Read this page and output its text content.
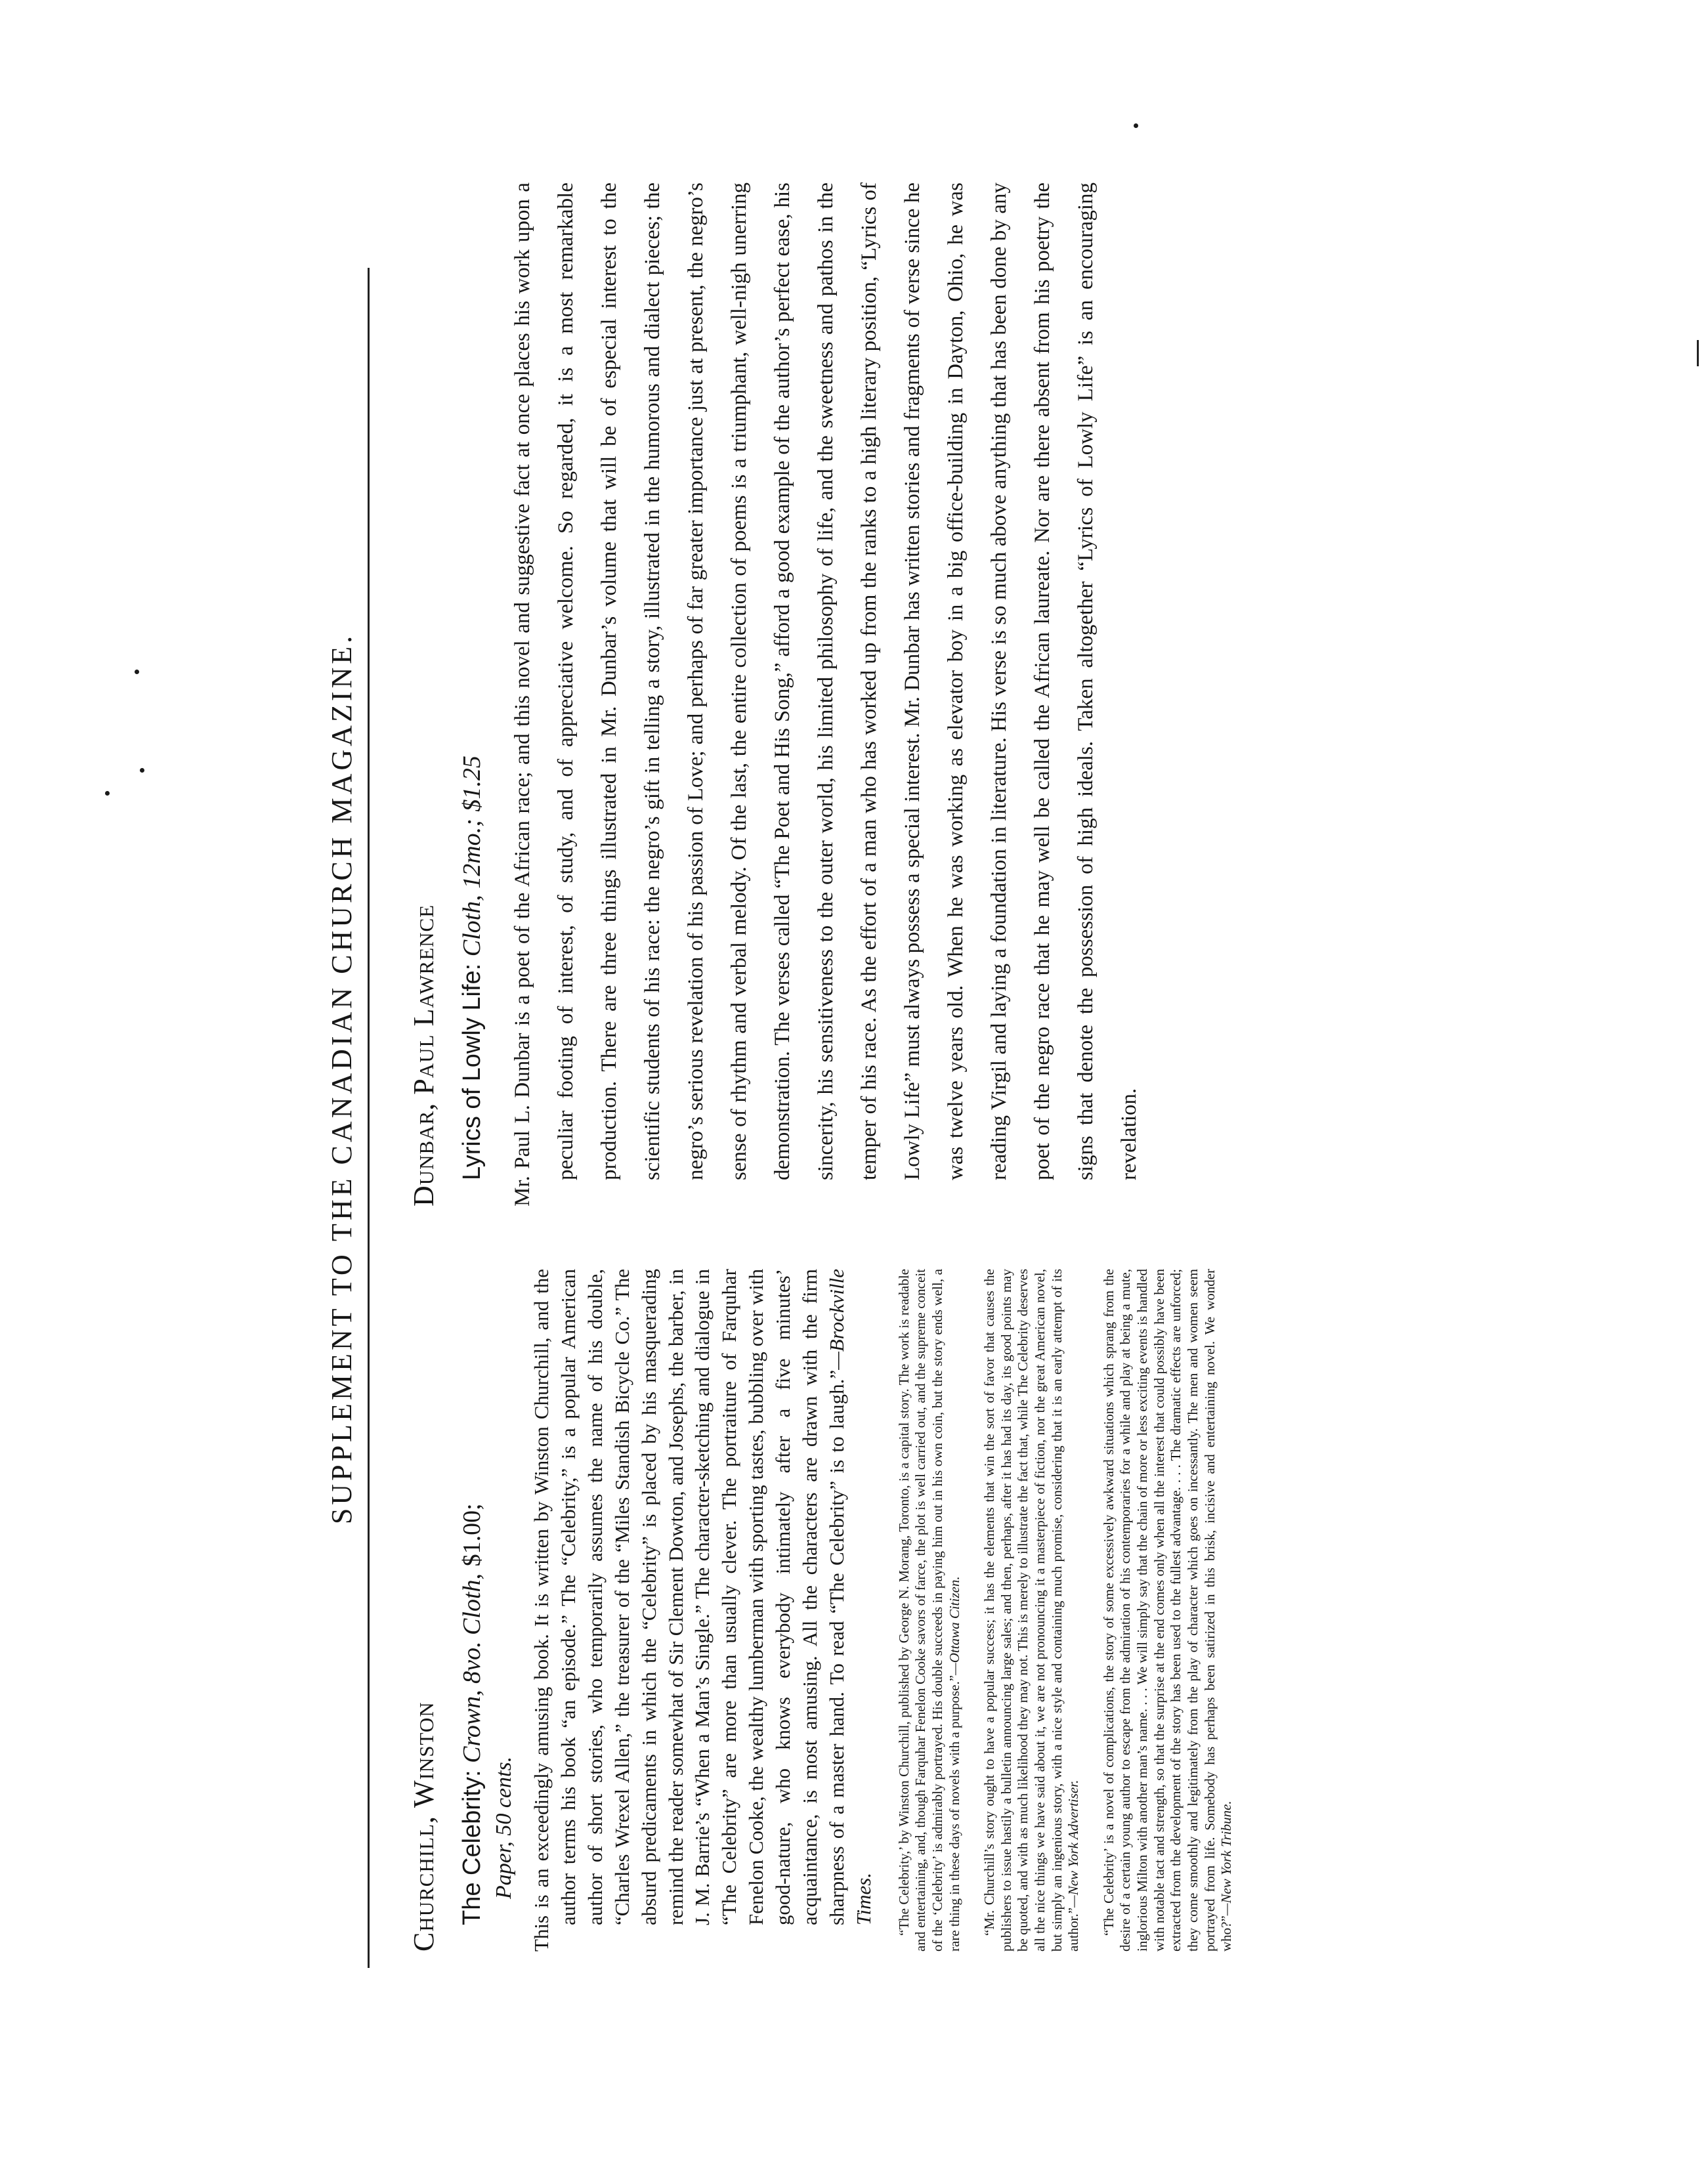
SUPPLEMENT TO THE CANADIAN CHURCH MAGAZINE.
Churchill, Winston
The Celebrity: Crown, 8vo. Cloth, $1.00;
Paper, 50 cents. This is an exceedingly amusing book. It is written by Winston Churchill, and the author terms his book “an episode.” The “Celebrity,” is a popular American author of short stories, who temporarily assumes the name of his double, “Charles Wrexel Allen,” the treasurer of the “Miles Standish Bicycle Co.” The absurd predicaments in which the “Celebrity” is placed by his masquerading remind the reader somewhat of Sir Clement Dowton, and Josephs, the barber, in J. M. Barrie’s “When a Man’s Single.” The character-sketching and dialogue in “The Celebrity” are more than usually clever. The portraiture of Farquhar Fenelon Cooke, the wealthy lumberman with sporting tastes, bubbling over with good-nature, who knows everybody intimately after a five minutes’ acquaintance, is most amusing. All the characters are drawn with the firm sharpness of a master hand. To read “The Celebrity” is to laugh.”—Brockville Times. “The Celebrity,’ by Winston Churchill, published by George N. Morang, Toronto, is a capital story. The work is readable and entertaining, and, though Farquhar Fenelon Cooke savors of farce, the plot is well carried out, and the supreme conceit of the ‘Celebrity’ is admirably portrayed. His double succeeds in paying him out in his own coin, but the story ends well, a rare thing in these days of novels with a purpose.”—Ottawa Citizen. “Mr. Churchill’s story ought to have a popular success; it has the elements that win the sort of favor that causes the publishers to issue hastily a bulletin announcing large sales; and then, perhaps, after it has had its day, its good points may be quoted, and with as much likelihood they may not. This is merely to illustrate the fact that, while The Celebrity deserves all the nice things we have said about it, we are not pronouncing it a masterpiece of fiction, nor the great American novel, but simply an ingenious story, with a nice style and containing much promise, considering that it is an early attempt of its author.”—New York Advertiser. “The Celebrity’ is a novel of complications, the story of some excessively awkward situations which sprang from the desire of a certain young author to escape from the admiration of his contemporaries for a while and play at being a mute, inglorious Milton with another man’s name. . . . We will simply say that the chain of more or less exciting events is handled with notable tact and strength, so that the surprise at the end comes only when all the interest that could possibly have been extracted from the development of the story has been used to the fullest advantage. . . . The dramatic effects are unforced; they come smoothly and legitimately from the play of character which goes on incessantly. The men and women seem portrayed from life. Somebody has perhaps been satirized in this brisk, incisive and entertaining novel. We wonder who?”—New York Tribune.

Dunbar, Paul Lawrence Lyrics of Lowly Life: Cloth, 12mo.; $1.25	Mr. Paul L. Dunbar is a poet of the African race; and this novel and suggestive fact at once places his work upon a peculiar footing of interest, of study, and of appreciative welcome. So regarded, it is a most remarkable production. There are three things illustrated in Mr. Dunbar’s volume that will be of especial interest to the scientific students of his race: the negro’s gift in telling a story, illustrated in the humorous and dialect pieces; the negro’s serious revelation of his passion of Love; and perhaps of far greater importance just at present, the negro’s sense of rhythm and verbal melody. Of the last, the entire collection of poems is a triumphant, well-nigh unerring demonstration. The verses called “The Poet and His Song,” afford a good example of the author’s perfect ease, his sincerity, his sensitiveness to the outer world, his limited philosophy of life, and the sweetness and pathos in the temper of his race. As the effort of a man who has worked up from the ranks to a high literary position, “Lyrics of Lowly Life” must always possess a special interest. Mr. Dunbar has written stories and fragments of verse since he was twelve years old. When he was working as elevator boy in a big office-building in Dayton, Ohio, he was reading Virgil and laying a foundation in literature. His verse is so much above anything that has been done by any poet of the negro race that he may well be called the African laureate. Nor are there absent from his poetry the signs that denote the possession of high ideals. Taken altogether “Lyrics of Lowly Life” is an encouraging revelation.
